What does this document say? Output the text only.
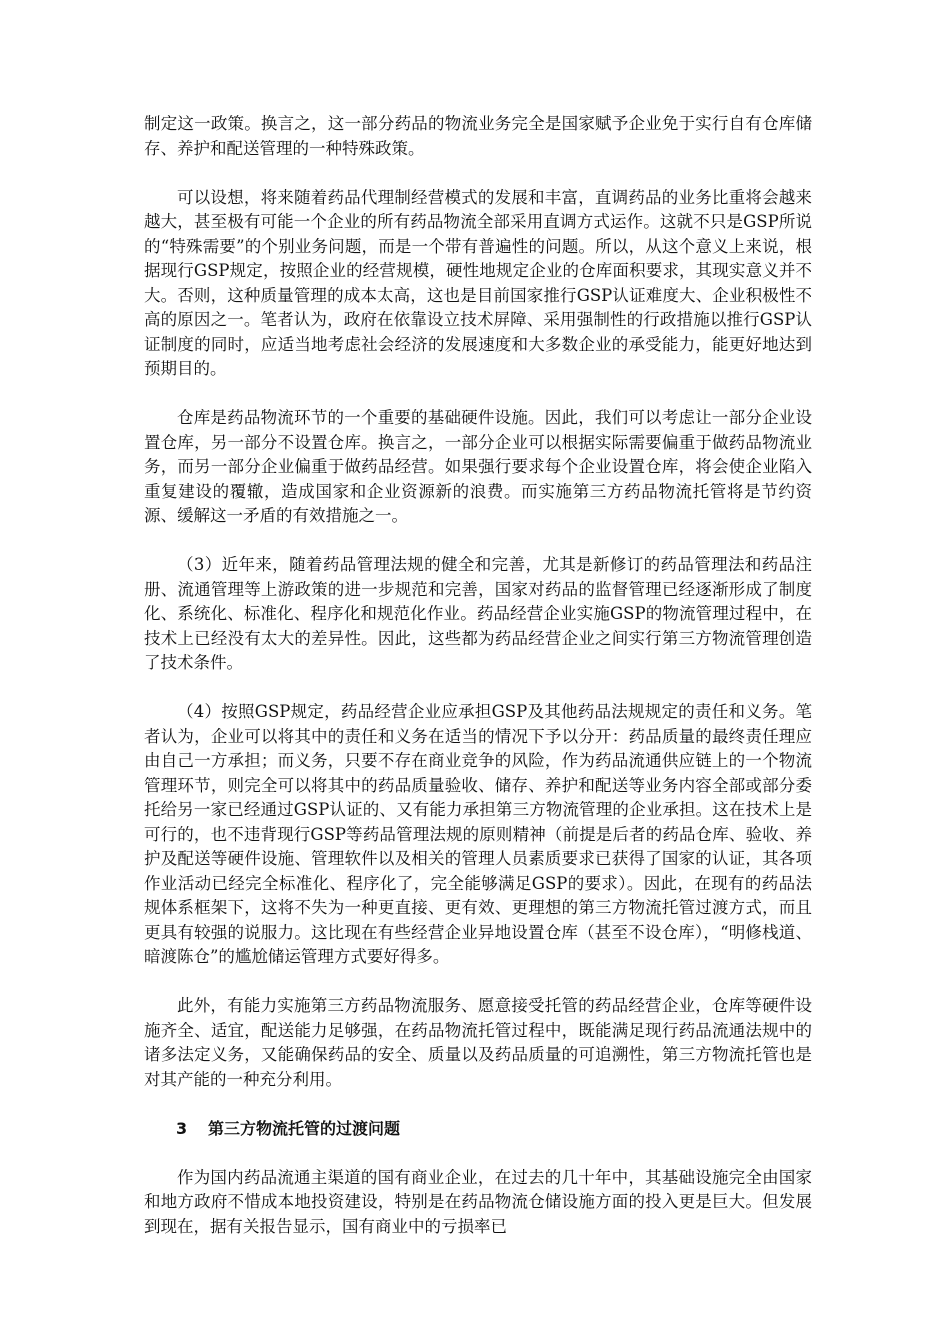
制定这一政策。换言之，这一部分药品的物流业务完全是国家赋予企业免于实行自有仓库储存、养护和配送管理的一种特殊政策。

可以设想，将来随着药品代理制经营模式的发展和丰富，直调药品的业务比重将会越来越大，甚至极有可能一个企业的所有药品物流全部采用直调方式运作。这就不只是GSP所说的“特殊需要”的个别业务问题，而是一个带有普遍性的问题。所以，从这个意义上来说，根据现行GSP规定，按照企业的经营规模，硬性地规定企业的仓库面积要求，其现实意义并不大。否则，这种质量管理的成本太高，这也是目前国家推行GSP认证难度大、企业积极性不高的原因之一。笔者认为，政府在依靠设立技术屏障、采用强制性的行政措施以推行GSP认证制度的同时，应适当地考虑社会经济的发展速度和大多数企业的承受能力，能更好地达到预期目的。

仓库是药品物流环节的一个重要的基础硬件设施。因此，我们可以考虑让一部分企业设置仓库，另一部分不设置仓库。换言之，一部分企业可以根据实际需要偏重于做药品物流业务，而另一部分企业偏重于做药品经营。如果强行要求每个企业设置仓库，将会使企业陷入重复建设的覆辙，造成国家和企业资源新的浪费。而实施第三方药品物流托管将是节约资源、缓解这一矛盾的有效措施之一。

（3）近年来，随着药品管理法规的健全和完善，尤其是新修订的药品管理法和药品注册、流通管理等上游政策的进一步规范和完善，国家对药品的监督管理已经逐渐形成了制度化、系统化、标准化、程序化和规范化作业。药品经营企业实施GSP的物流管理过程中，在技术上已经没有太大的差异性。因此，这些都为药品经营企业之间实行第三方物流管理创造了技术条件。

（4）按照GSP规定，药品经营企业应承担GSP及其他药品法规规定的责任和义务。笔者认为，企业可以将其中的责任和义务在适当的情况下予以分开：药品质量的最终责任理应由自己一方承担；而义务，只要不存在商业竞争的风险，作为药品流通供应链上的一个物流管理环节，则完全可以将其中的药品质量验收、储存、养护和配送等业务内容全部或部分委托给另一家已经通过GSP认证的、又有能力承担第三方物流管理的企业承担。这在技术上是可行的，也不违背现行GSP等药品管理法规的原则精神（前提是后者的药品仓库、验收、养护及配送等硬件设施、管理软件以及相关的管理人员素质要求已获得了国家的认证，其各项作业活动已经完全标准化、程序化了，完全能够满足GSP的要求）。因此，在现有的药品法规体系框架下，这将不失为一种更直接、更有效、更理想的第三方物流托管过渡方式，而且更具有较强的说服力。这比现在有些经营企业异地设置仓库（甚至不设仓库），“明修栈道、暗渡陈仓”的尴尬储运管理方式要好得多。

此外，有能力实施第三方药品物流服务、愿意接受托管的药品经营企业，仓库等硬件设施齐全、适宜，配送能力足够强，在药品物流托管过程中，既能满足现行药品流通法规中的诸多法定义务，又能确保药品的安全、质量以及药品质量的可追溯性，第三方物流托管也是对其产能的一种充分利用。

3 第三方物流托管的过渡问题

作为国内药品流通主渠道的国有商业企业，在过去的几十年中，其基础设施完全由国家和地方政府不惜成本地投资建设，特别是在药品物流仓储设施方面的投入更是巨大。但发展到现在，据有关报告显示，国有商业中的亏损率已
